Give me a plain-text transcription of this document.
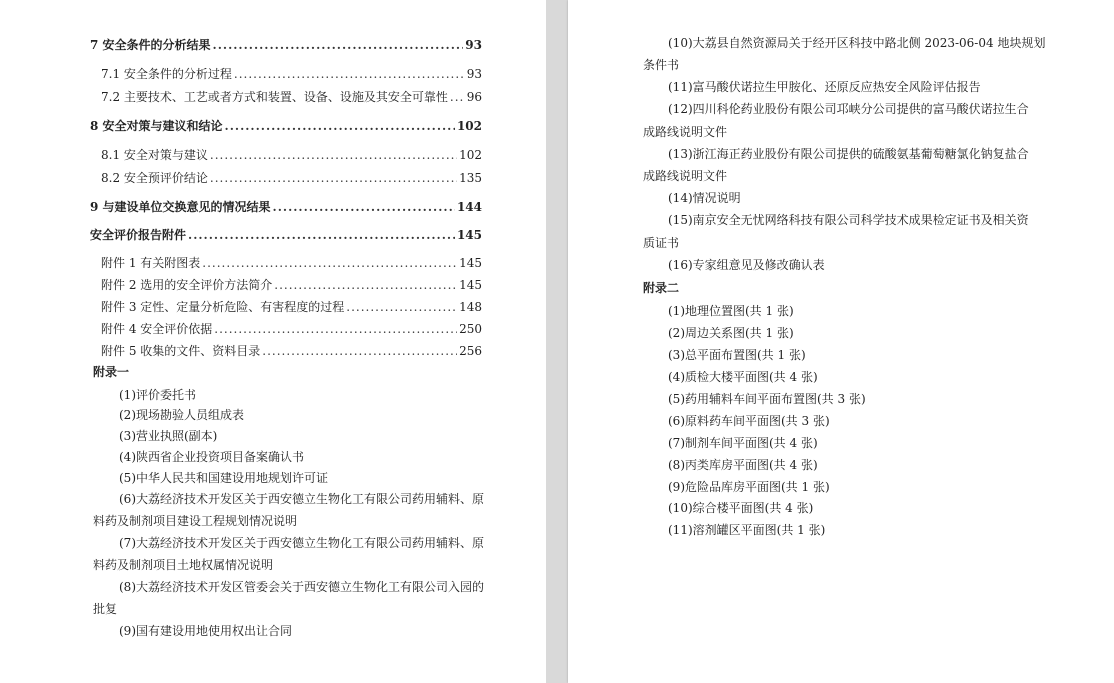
7 安全条件的分析结果 .....	93
7.1 安全条件的分析过程 .....	93
7.2 主要技术、工艺或者方式和装置、设备、设施及其安全可靠性 ..... 96
8 安全对策与建议和结论 .....	102
8.1 安全对策与建议 .....	102
8.2 安全预评价结论 .....	135
9 与建设单位交换意见的情况结果 .....	144
安全评价报告附件 .....	145
附件 1 有关附图表 .....	145
附件 2 选用的安全评价方法简介 .....	145
附件 3 定性、定量分析危险、有害程度的过程 .....	148
附件 4 安全评价依据 .....	250
附件 5 收集的文件、资料目录 .....	256
附录一
(1)评价委托书
(2)现场勘验人员组成表
(3)营业执照(副本)
(4)陕西省企业投资项目备案确认书
(5)中华人民共和国建设用地规划许可证
(6)大荔经济技术开发区关于西安德立生物化工有限公司药用辅料、原
料药及制剂项目建设工程规划情况说明
(7)大荔经济技术开发区关于西安德立生物化工有限公司药用辅料、原
料药及制剂项目土地权属情况说明
(8)大荔经济技术开发区管委会关于西安德立生物化工有限公司入园的
批复
(9)国有建设用地使用权出让合同
(10)大荔县自然资源局关于经开区科技中路北侧 2023-06-04 地块规划
条件书
(11)富马酸伏诺拉生甲胺化、还原反应热安全风险评估报告
(12)四川科伦药业股份有限公司邛峡分公司提供的富马酸伏诺拉生合
成路线说明文件
(13)浙江海正药业股份有限公司提供的硫酸氨基葡萄糖氯化钠复盐合
成路线说明文件
(14)情况说明
(15)南京安全无忧网络科技有限公司科学技术成果检定证书及相关资
质证书
(16)专家组意见及修改确认表
附录二
(1)地理位置图(共 1 张)
(2)周边关系图(共 1 张)
(3)总平面布置图(共 1 张)
(4)质检大楼平面图(共 4 张)
(5)药用辅料车间平面布置图(共 3 张)
(6)原料药车间平面图(共 3 张)
(7)制剂车间平面图(共 4 张)
(8)丙类库房平面图(共 4 张)
(9)危险品库房平面图(共 1 张)
(10)综合楼平面图(共 4 张)
(11)溶剂罐区平面图(共 1 张)
